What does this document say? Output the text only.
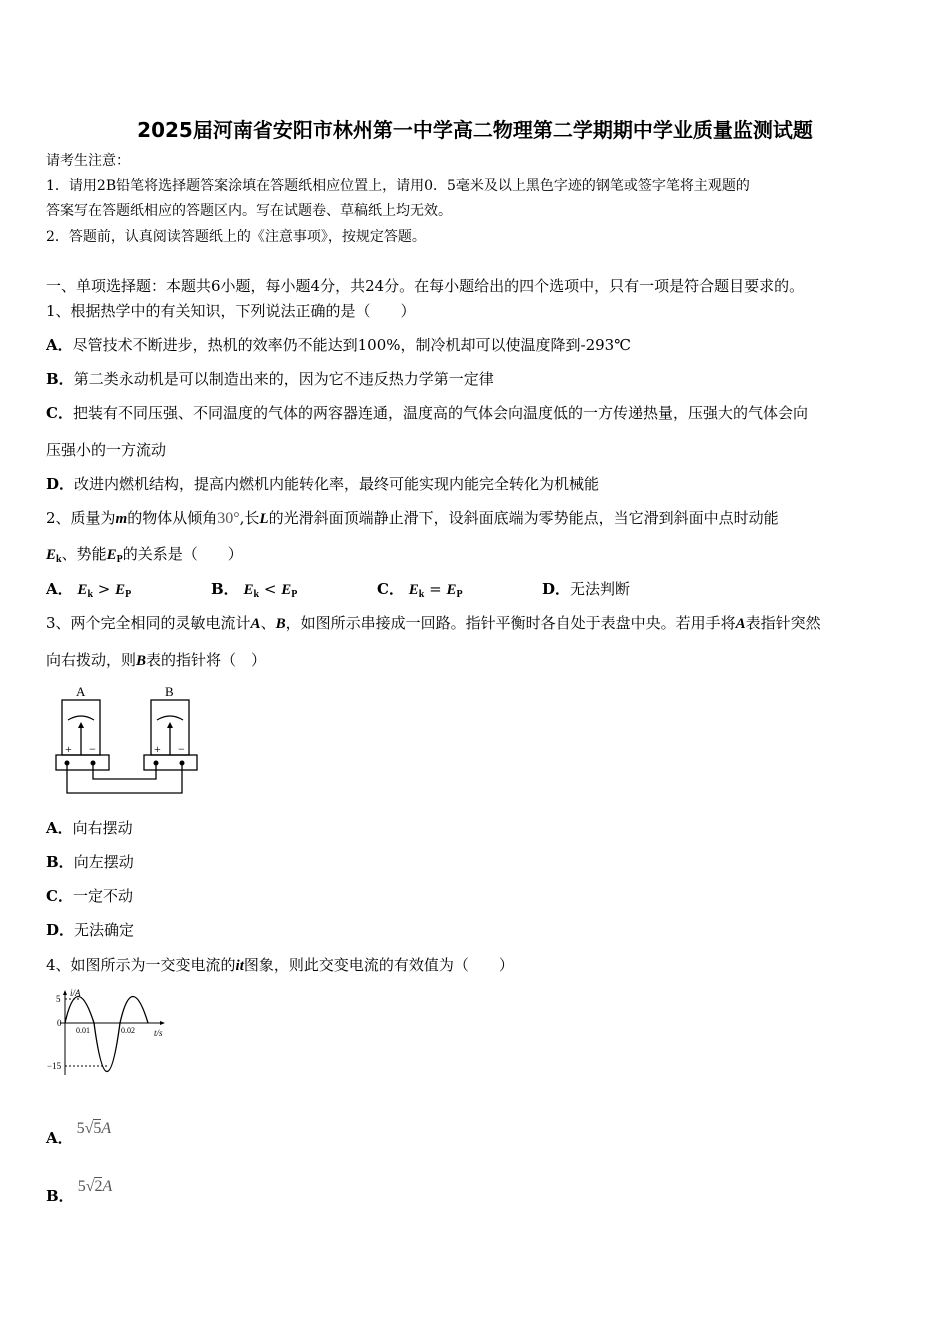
2025届河南省安阳市林州第一中学高二物理第二学期期中学业质量监测试题
请考生注意：
1．请用2B铅笔将选择题答案涂填在答题纸相应位置上，请用0．5毫米及以上黑色字迹的钢笔或签字笔将主观题的
答案写在答题纸相应的答题区内。写在试题卷、草稿纸上均无效。
2．答题前，认真阅读答题纸上的《注意事项》，按规定答题。
一、单项选择题：本题共6小题，每小题4分，共24分。在每小题给出的四个选项中，只有一项是符合题目要求的。
1、根据热学中的有关知识，下列说法正确的是（　　）
A．尽管技术不断进步，热机的效率仍不能达到100%，制冷机却可以使温度降到-293℃
B．第二类永动机是可以制造出来的，因为它不违反热力学第一定律
C．把装有不同压强、不同温度的气体的两容器连通，温度高的气体会向温度低的一方传递热量，压强大的气体会向
压强小的一方流动
D．改进内燃机结构，提高内燃机内能转化率，最终可能实现内能完全转化为机械能
2、质量为m的物体从倾角30°,长L的光滑斜面顶端静止滑下，设斜面底端为零势能点，当它滑到斜面中点时动能
$E_k$、势能$E_P$的关系是（　　）
A． $E_k > E_P$	B． $E_k < E_P$	C． $E_k = E_P$	D．无法判断
3、两个完全相同的灵敏电流计A、B，如图所示串接成一回路。指针平衡时各自处于表盘中央。若用手将A表指针突然
向右拨动，则B表的指针将（　）
A	B
+ −	+ −
A．向右摆动
B．向左摆动
C．一定不动
D．无法确定
4、如图所示为一交变电流的it图象，则此交变电流的有效值为（　　）
i/A
t/s
5
0
−15
0.01	0.02
A．5√5A
B．5√2A
